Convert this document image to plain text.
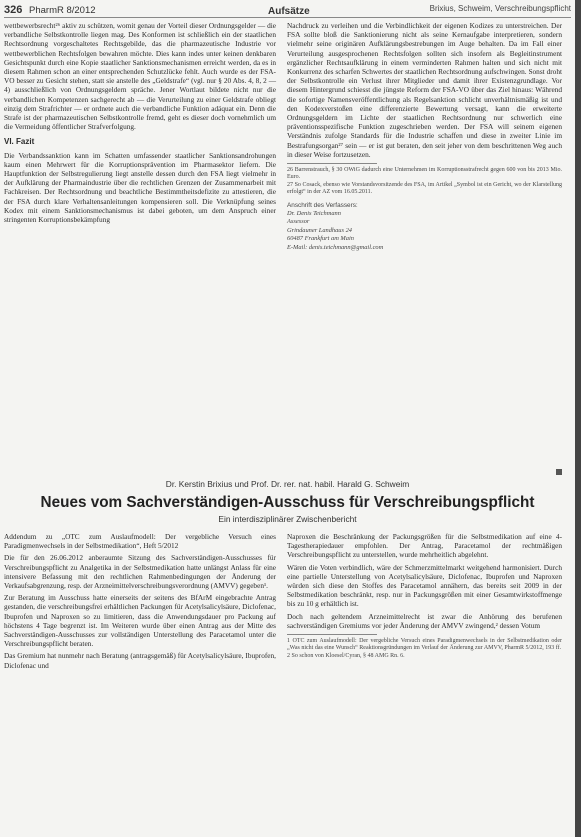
326 PharmR 8/2012	Aufsätze	Brixius, Schweim, Verschreibungspflicht

wettbewerbsrecht²⁶ aktiv zu schützen, womit genau der Vorteil dieser Ordnungsgelder — die verbandliche Selbstkontrolle liegen mag. Des Konformen ist schließlich ein der staatlichen Rechtsordnung vorgeschaltetes Rechtsgebilde, das die pharmazeutische Industrie vor wettbewerblichen Rechtsfolgen bewahren möchte. Dies kann indes unter keinen denkbaren Gesichtspunkt durch eine Kopie staatlicher Sanktionsmechanismen erreicht werden, da es in diesem Rahmen schon an einer entsprechenden Schutzlücke fehlt. Auch wurde es der FSA-VO besser zu Gesicht stehen, statt sie anstelle des „Geldstrafe“ (vgl. nur § 20 Abs. 4, 8, 2 — 4) ausschließlich von Ordnungsgeldern spräche. Jener Wortlaut bildete nicht nur die verbandlichen Kompetenzen sachgerecht ab — die Verurteilung zu einer Geldstrafe obliegt einzig dem Strafrichter — er ordnete auch die verbandliche Funktion adäquat ein. Denn die Strafe ist der pharmazeutischen Selbstkontrolle fremd, geht es dieser doch vornehmlich um die Vermeidung öffentlicher Strafverfolgung.

VI. Fazit

Die Verbandssanktion kann im Schatten umfassender staatlicher Sanktionsandrohungen kaum einen Mehrwert für die Korruptionsprävention im Pharmasektor liefern. Die Hauptfunktion der Selbstregulierung liegt anstelle dessen durch den FSA liegt vielmehr in der Aufklärung der Pharmaindustrie über die rechtlichen Grenzen der Zusammenarbeit mit Fachkreisen. Der Rechtsordnung und beachtliche Bestimmtheitsdefizite zu attestieren, die der FSA durch klare Verhaltensanleitungen kompensieren soll. Die Verknüpfung seines Kodex mit einem Sanktionsmechanismus ist dabei geboten, um dem Anspruch einer stringenten Korruptionsbekämpfung

Nachdruck zu verleihen und die Verbindlichkeit der eigenen Kodizes zu unterstreichen. Der FSA sollte bloß die Sanktionierung nicht als seine Kernaufgabe interpretieren, sondern vielmehr seine originären Aufklärungsbestrebungen im Auge behalten. Da im Fall einer Verurteilung ausgesprochenen Rechtsfolgen sollten sich insofern als Begleitinstrument ergänzlicher Rechtsaufklärung in einem verminderten Rahmen halten und sich nicht mit Konkurrenz des scharfen Schwertes der staatlichen Rechtsordnung aufschwingen. Sonst droht der Selbstkontrolle ein Verlust ihrer Mitglieder und damit ihrer Existenzgrundlage. Vor diesem Hintergrund schiesst die jüngste Reform der FSA-VO über das Ziel hinaus: Während die sofortige Namensveröffentlichung als Regelsanktion schlicht unverhältnismäßig ist und den Kodexverstoßen eine differenzierte Bewertung versagt, kann die erweiterte Ordnungsgeldern im Lichte der staatlichen Rechtsordnung nur schwerlich eine präventionsspezifische Funktion zugeschrieben werden. Der FSA will seinem eigenen Verständnis zufolge Standards für die Industrie schaffen und diese in zweiter Linie im Bestrafungsorgan²⁷ sein — er ist gut beraten, den seit jeher von dem beschrittenen Weg auch in dieser Weise fortzusetzen.

26 Barrenstrauch, § 30 OWiG dadurch eine Unternehmen im Korruptionsstrafrecht gegen 600 von bis 2013 Mio. Euro.
27 So Cosack, ebenso wie Vorstandsvorsitzende des FSA, im Artikel „Symbol ist ein Gericht, wo der Klarstellung erfolgt“ in der AZ vom 16.05.2011.
Anschrift des Verfassers:
Dr. Denis Teichmann
Assessor
Grindauner Landhaus 24
60487 Frankfurt am Main
E-Mail: denis.teichmann@gmail.com
Dr. Kerstin Brixius und Prof. Dr. rer. nat. habil. Harald G. Schweim
Neues vom Sachverständigen-Ausschuss für Verschreibungspflicht
Ein interdisziplinärer Zwischenbericht

Addendum zu „OTC zum Auslaufmodell: Der vergebliche Versuch eines Paradigmenwechsels in der Selbstmedikation“, Heft 5/2012

Die für den 26.06.2012 anberaumte Sitzung des Sachverständigen-Ausschusses für Verschreibungspflicht zu Analgetika in der Selbstmedikation hatte unlängst Anlass für eine intensivere Befassung mit den rechtlichen Rahmenbedingungen der Änderung der Verkaufsabgrenzung, resp. der Arzneimittelverschreibungsverordnung (AMVV) gegeben¹.

Zur Beratung im Ausschuss hatte einerseits der seitens des BfArM eingebrachte Antrag gestanden, die verschreibungsfrei erhältlichen Packungen für Acetylsalicylsäure, Diclofenac, Ibuprofen und Naproxen so zu limitieren, dass die Anwendungsdauer pro Packung auf höchstens 4 Tage begrenzt ist. Im Weiteren wurde über einen Antrag aus der Mitte des Sachverständigen-Ausschusses zur vollständigen Unterstellung des Paracetamol unter die Verschreibungspflicht beraten.

Das Gremium hat nunmehr nach Beratung (antragsgemäß) für Acetylsalicylsäure, Ibuprofen, Diclofenac und

Naproxen die Beschränkung der Packungsgrößen für die Selbstmedikation auf eine 4-Tagestherapiedauer empfohlen. Der Antrag, Paracetamol der rechtmäßigen Verschreibungspflicht zu unterstellen, wurde mehrheitlich abgelehnt.

Wären die Voten verbindlich, wäre der Schmerzmittelmarkt weitgehend harmonisiert. Durch eine partielle Unterstellung von Acetylsalicylsäure, Diclofenac, Ibuprofen und Naproxen würden sich diese den Stoffes des Paracetamol annähern, das bereits seit 2009 in der Selbstmedikation beschränkt, resp. nur in Packungsgrößen mit einer Gesamtwirkstoffmenge bis zu 10 g erhältlich ist.

Doch nach geltendem Arzneimittelrecht ist zwar die Anhörung des berufenen sachverständigen Gremiums vor jeder Änderung der AMVV zwingend,² dessen Votum

1 OTC zum Auslaufmodell: Der vergebliche Versuch eines Paradigmenwechsels in der Selbstmedikation oder „Was nicht das eine Wunsch“ Reaktionsgründungen im Verlauf der Änderung zur AMVV, PharmR 5/2012, 193 ff.
2 So schon von Kloesel/Cyran, § 48 AMG Rn. 6.
